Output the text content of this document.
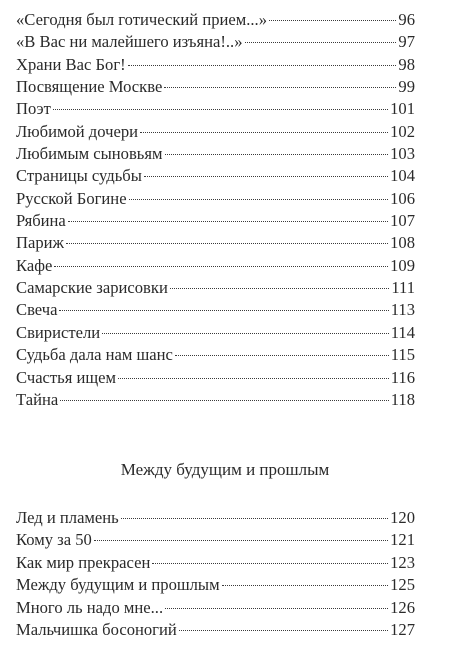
«Сегодня был готический прием...»	96
«В Вас ни малейшего изъяна!..»	97
Храни Вас Бог!	98
Посвящение Москве	99
Поэт	101
Любимой дочери	102
Любимым сыновьям	103
Страницы судьбы	104
Русской Богине	106
Рябина	107
Париж	108
Кафе	109
Самарские зарисовки	111
Свеча	113
Свиристели	114
Судьба дала нам шанс	115
Счастья ищем	116
Тайна	118
Между будущим и прошлым
Лед и пламень	120
Кому за 50	121
Как мир прекрасен	123
Между будущим и прошлым	125
Много ль надо мне...	126
Мальчишка босоногий	127
